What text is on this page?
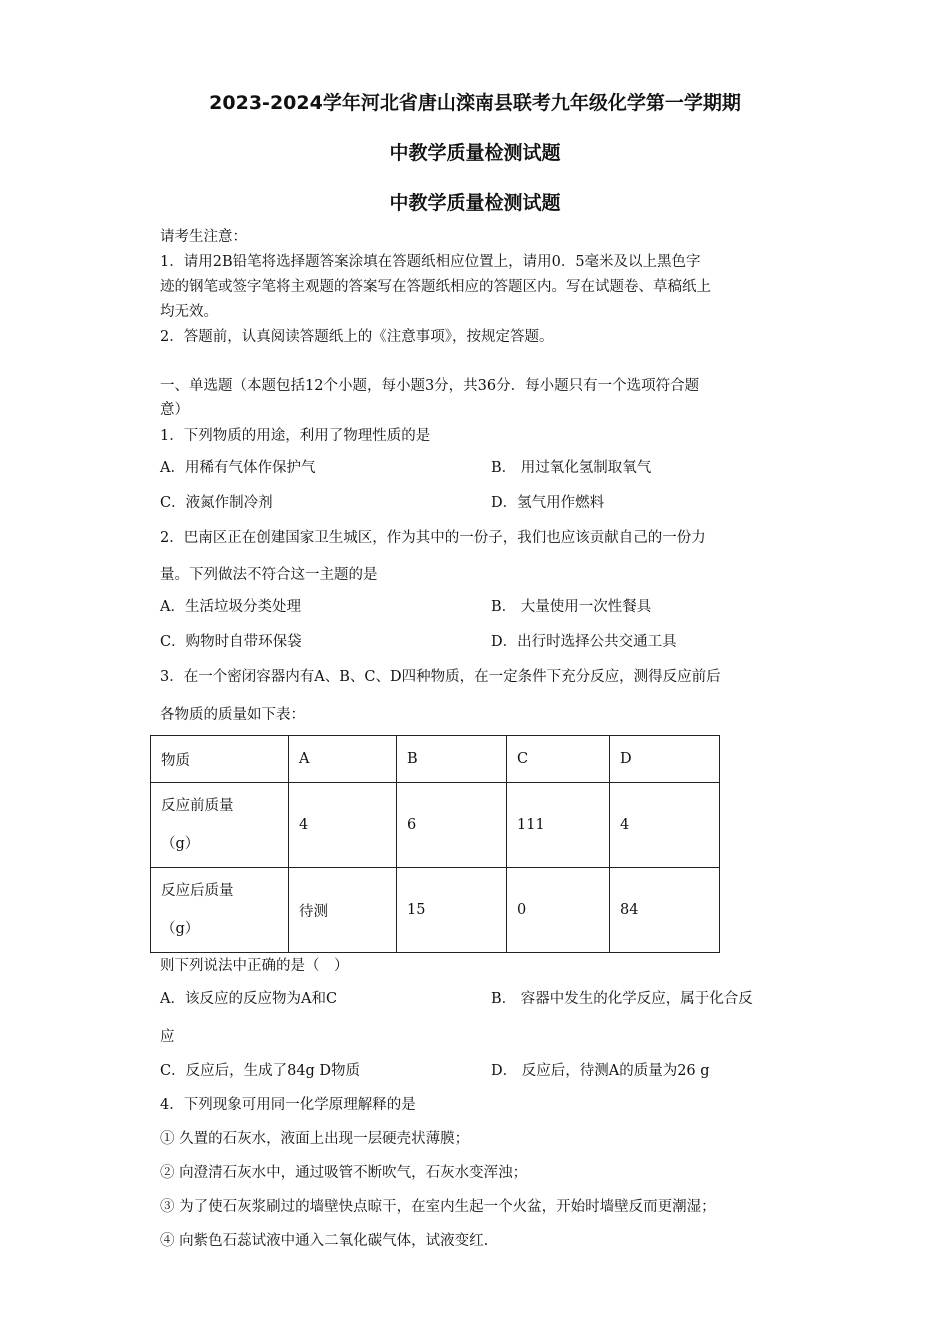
2023-2024学年河北省唐山滦南县联考九年级化学第一学期期
中教学质量检测试题
中教学质量检测试题
请考生注意：
1．请用2B铅笔将选择题答案涂填在答题纸相应位置上，请用0．5毫米及以上黑色字
迹的钢笔或签字笔将主观题的答案写在答题纸相应的答题区内。写在试题卷、草稿纸上
均无效。
2．答题前，认真阅读答题纸上的《注意事项》，按规定答题。
一、单选题（本题包括12个小题，每小题3分，共36分．每小题只有一个选项符合题
意）
1．下列物质的用途，利用了物理性质的是
A．用稀有气体作保护气	B． 用过氧化氢制取氧气
C．液氮作制冷剂	D．氢气用作燃料
2．巴南区正在创建国家卫生城区，作为其中的一份子，我们也应该贡献自己的一份力
量。下列做法不符合这一主题的是
A．生活垃圾分类处理	B． 大量使用一次性餐具
C．购物时自带环保袋	D．出行时选择公共交通工具
3．在一个密闭容器内有A、B、C、D四种物质，在一定条件下充分反应，测得反应前后
各物质的质量如下表：
物质	A	B	C	D
反应前质量
（g）	4	6	111	4
反应后质量
（g）	待测	15	0	84
则下列说法中正确的是（　）
A．该反应的反应物为A和C	B． 容器中发生的化学反应，属于化合反
应
C．反应后，生成了84g D物质	D． 反应后，待测A的质量为26 g
4．下列现象可用同一化学原理解释的是
① 久置的石灰水，液面上出现一层硬壳状薄膜；
② 向澄清石灰水中，通过吸管不断吹气，石灰水变浑浊；
③ 为了使石灰浆刷过的墙壁快点晾干，在室内生起一个火盆，开始时墙壁反而更潮湿；
④ 向紫色石蕊试液中通入二氧化碳气体，试液变红.
